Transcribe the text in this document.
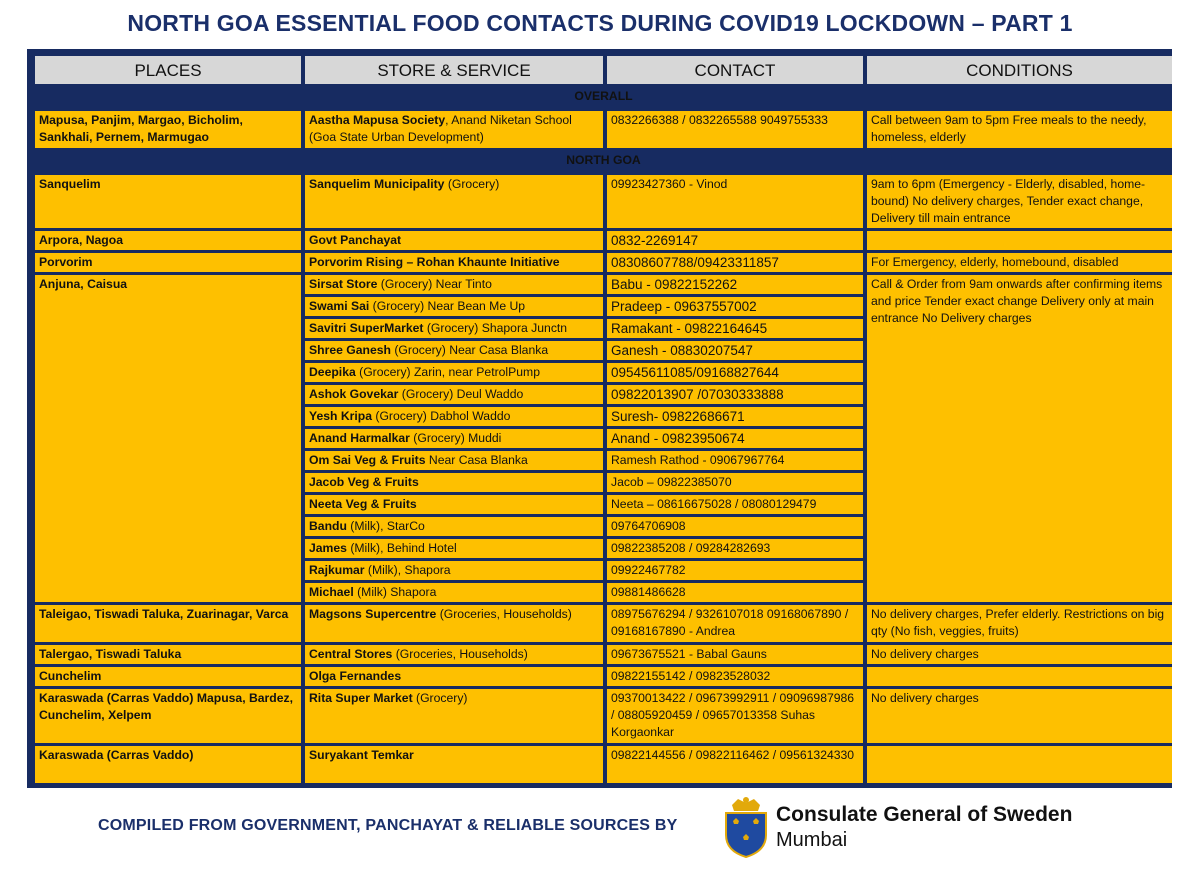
NORTH GOA ESSENTIAL FOOD CONTACTS DURING COVID19 LOCKDOWN – PART 1
PLACES	STORE & SERVICE	CONTACT	CONDITIONS
OVERALL			
Mapusa, Panjim, Margao, Bicholim, Sankhali, Pernem, Marmugao	Aastha Mapusa Society, Anand Niketan School (Goa State Urban Development)	0832266388 / 0832265588 9049755333	Call between 9am to 5pm Free meals to the needy, homeless, elderly
NORTH GOA			
Sanquelim	Sanquelim Municipality (Grocery)	09923427360 - Vinod	9am to 6pm (Emergency - Elderly, disabled, home-bound) No delivery charges, Tender exact change, Delivery till main entrance
Arpora, Nagoa	Govt Panchayat	0832-2269147	
Porvorim	Porvorim Rising – Rohan Khaunte Initiative	08308607788/09423311857	For Emergency, elderly, homebound, disabled
Anjuna, Caisua	Sirsat Store (Grocery) Near Tinto	Babu - 09822152262	Call & Order from 9am onwards after confirming items and price Tender exact change Delivery only at main entrance No Delivery charges
	Swami Sai (Grocery) Near Bean Me Up	Pradeep - 09637557002	
	Savitri SuperMarket (Grocery) Shapora Junctn	Ramakant - 09822164645	
	Shree Ganesh (Grocery) Near Casa Blanka	Ganesh - 08830207547	
	Deepika (Grocery) Zarin, near PetrolPump	09545611085/09168827644	
	Ashok Govekar (Grocery) Deul Waddo	09822013907 /07030333888	
	Yesh Kripa (Grocery) Dabhol Waddo	Suresh- 09822686671	
	Anand Harmalkar (Grocery) Muddi	Anand - 09823950674	
	Om Sai Veg & Fruits Near Casa Blanka	Ramesh Rathod - 09067967764	
	Jacob Veg & Fruits	Jacob – 09822385070	
	Neeta Veg & Fruits	Neeta – 08616675028 / 08080129479	
	Bandu (Milk), StarCo	09764706908	
	James (Milk), Behind Hotel	09822385208 / 09284282693	
	Rajkumar (Milk), Shapora	09922467782	
	Michael (Milk) Shapora	09881486628	
Taleigao, Tiswadi Taluka, Zuarinagar, Varca	Magsons Supercentre (Groceries, Households)	08975676294 / 9326107018 09168067890 / 09168167890 - Andrea	No delivery charges, Prefer elderly. Restrictions on big qty (No fish, veggies, fruits)
Talergao, Tiswadi Taluka	Central Stores (Groceries, Households)	09673675521 - Babal Gauns	No delivery charges
Cunchelim	Olga Fernandes	09822155142 / 09823528032	
Karaswada (Carras Vaddo) Mapusa, Bardez, Cunchelim, Xelpem	Rita Super Market (Grocery)	09370013422 / 09673992911 / 09096987986 / 08805920459 / 09657013358 Suhas Korgaonkar	No delivery charges
Karaswada (Carras Vaddo)	Suryakant Temkar	09822144556 / 09822116462 / 09561324330	
COMPILED FROM GOVERNMENT, PANCHAYAT & RELIABLE SOURCES BY	Consulate General of Sweden
Mumbai
